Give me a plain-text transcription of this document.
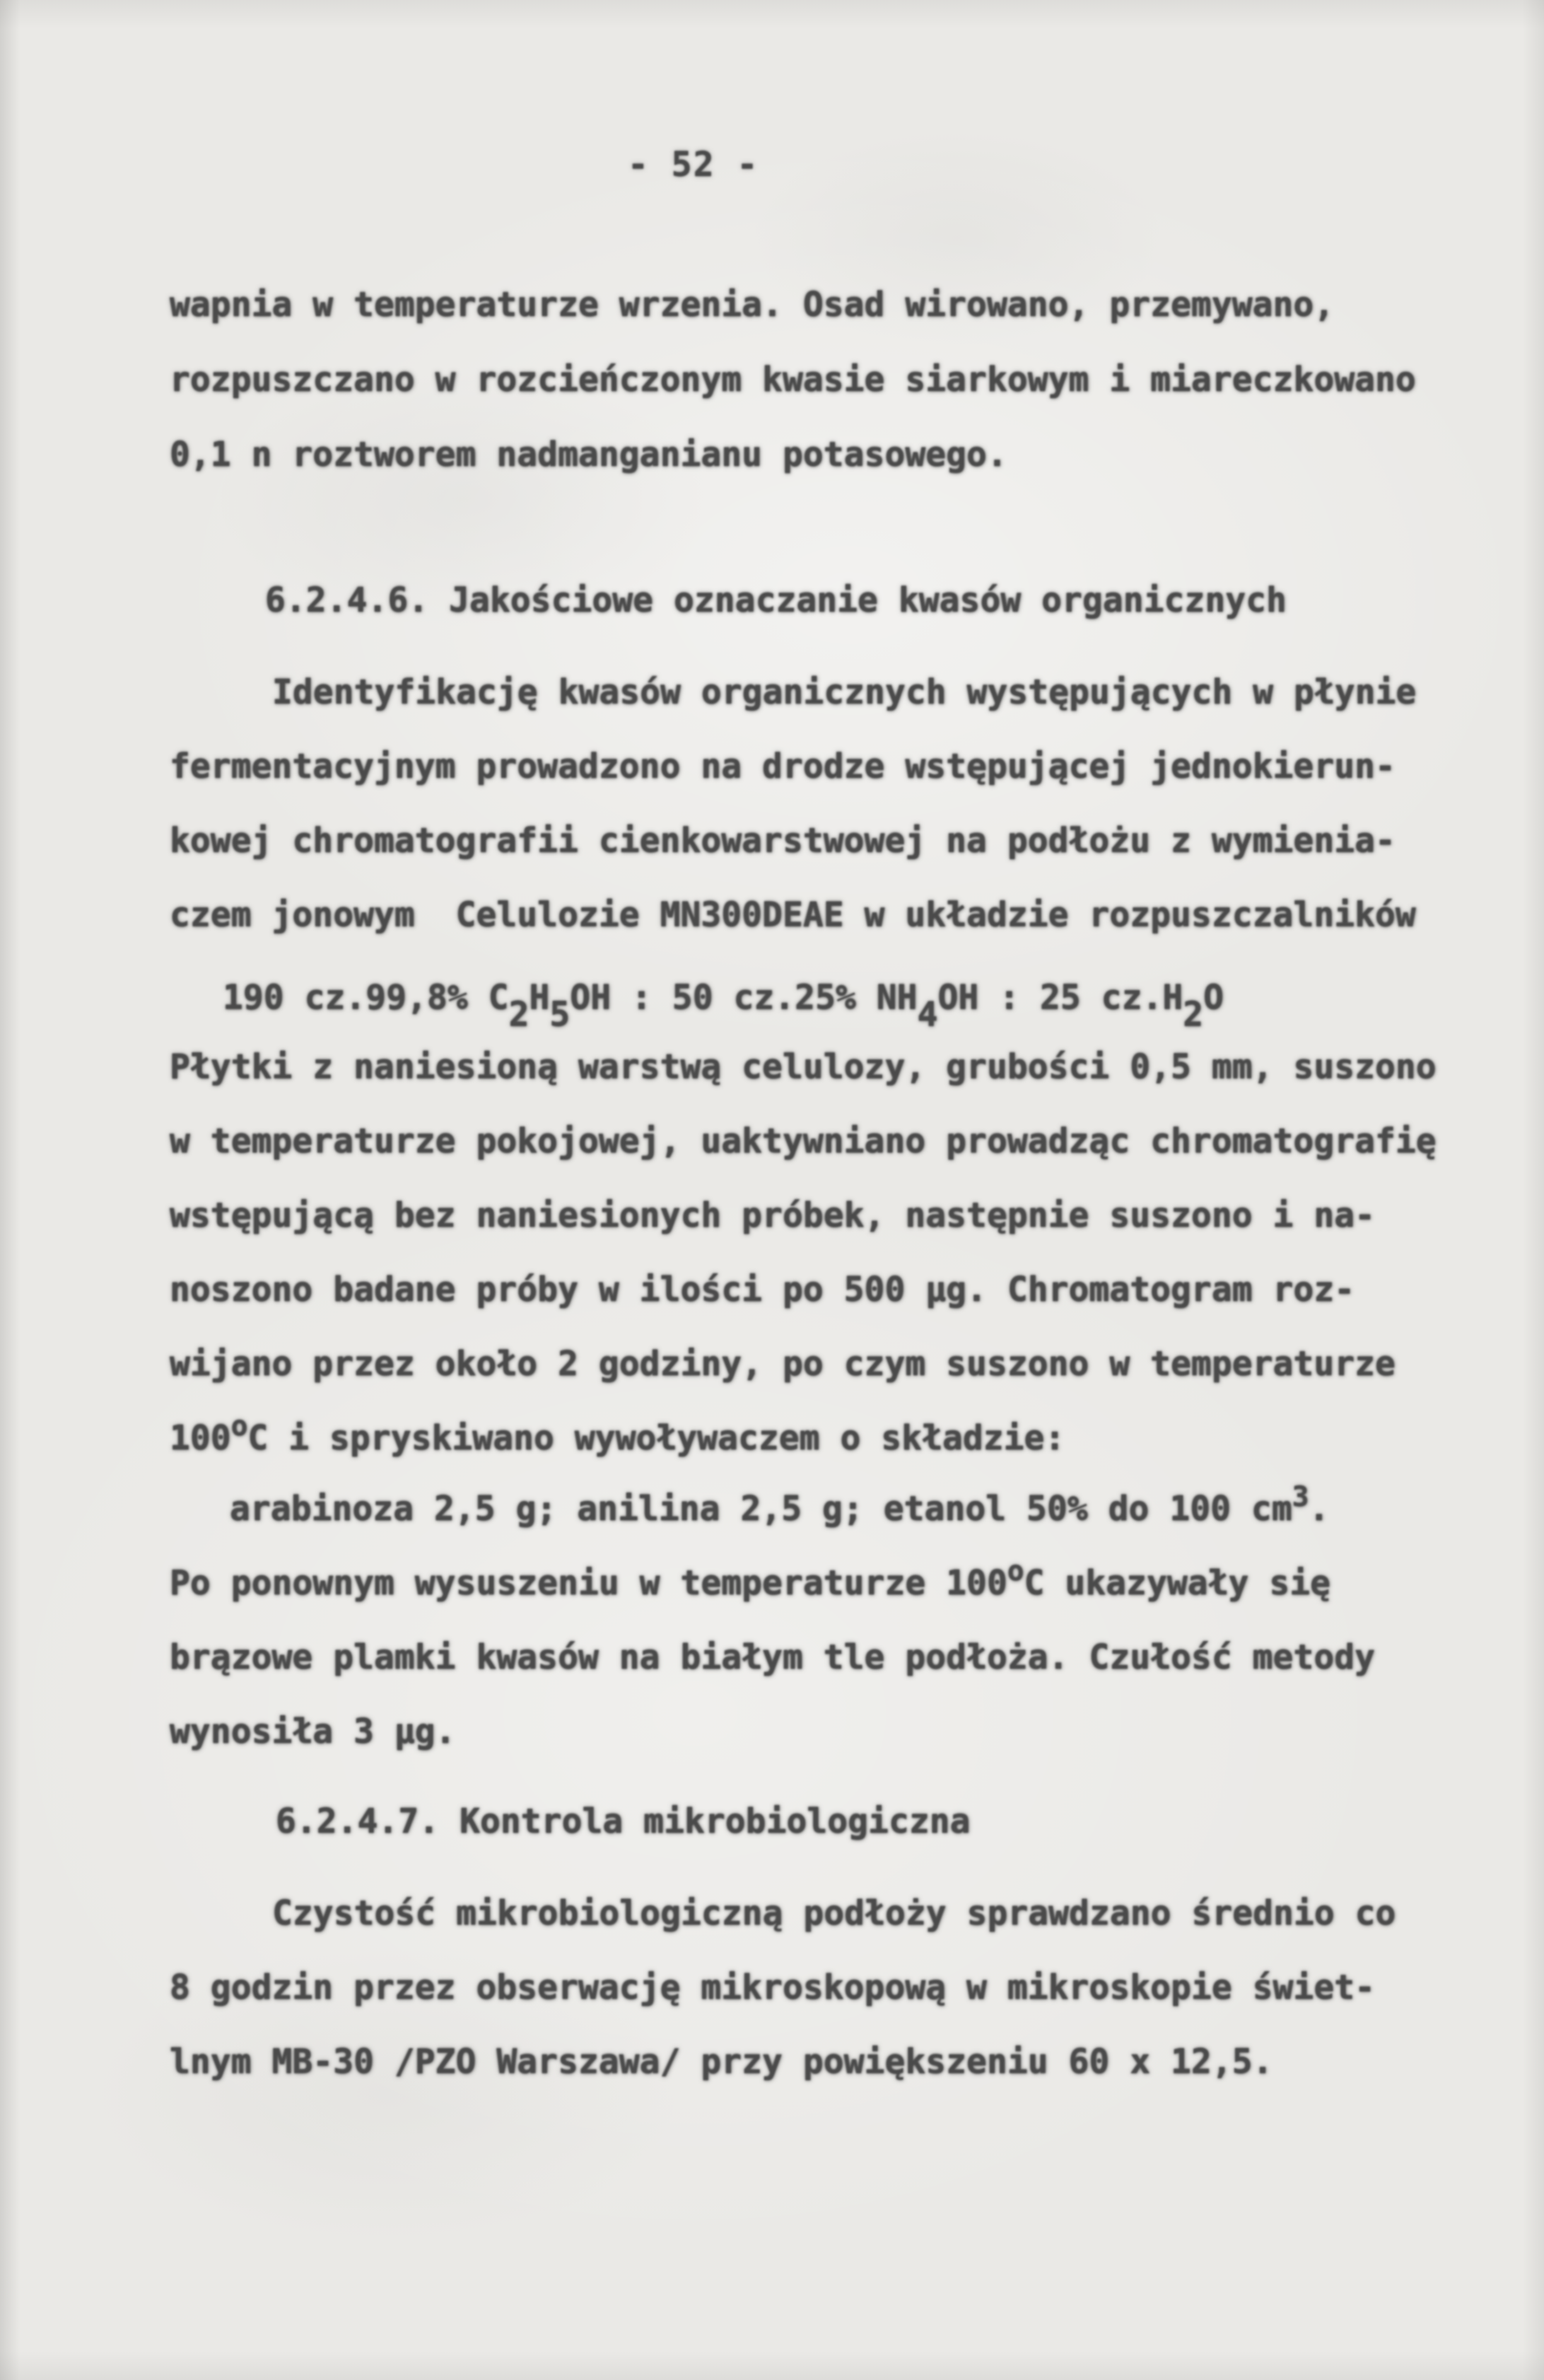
- 52 -
wapnia w temperaturze wrzenia. Osad wirowano, przemywano,
rozpuszczano w rozcieńczonym kwasie siarkowym i miareczkowano
0,1 n roztworem nadmanganianu potasowego.
6.2.4.6. Jakościowe oznaczanie kwasów organicznych
Identyfikację kwasów organicznych występujących w płynie
fermentacyjnym prowadzono na drodze wstępującej jednokierun-
kowej chromatografii cienkowarstwowej na podłożu z wymienia-
czem jonowym  Celulozie MN300DEAE w układzie rozpuszczalników
190 cz.99,8% C2H5OH : 50 cz.25% NH4OH : 25 cz.H2O
Płytki z naniesioną warstwą celulozy, grubości 0,5 mm, suszono
w temperaturze pokojowej, uaktywniano prowadząc chromatografię
wstępującą bez naniesionych próbek, następnie suszono i na-
noszono badane próby w ilości po 500 µg. Chromatogram roz-
wijano przez około 2 godziny, po czym suszono w temperaturze
100oC i spryskiwano wywoływaczem o składzie:
arabinoza 2,5 g; anilina 2,5 g; etanol 50% do 100 cm3.
Po ponownym wysuszeniu w temperaturze 100oC ukazywały się
brązowe plamki kwasów na białym tle podłoża. Czułość metody
wynosiła 3 µg.
6.2.4.7. Kontrola mikrobiologiczna
Czystość mikrobiologiczną podłoży sprawdzano średnio co
8 godzin przez obserwację mikroskopową w mikroskopie świet-
lnym MB-30 /PZO Warszawa/ przy powiększeniu 60 x 12,5.
